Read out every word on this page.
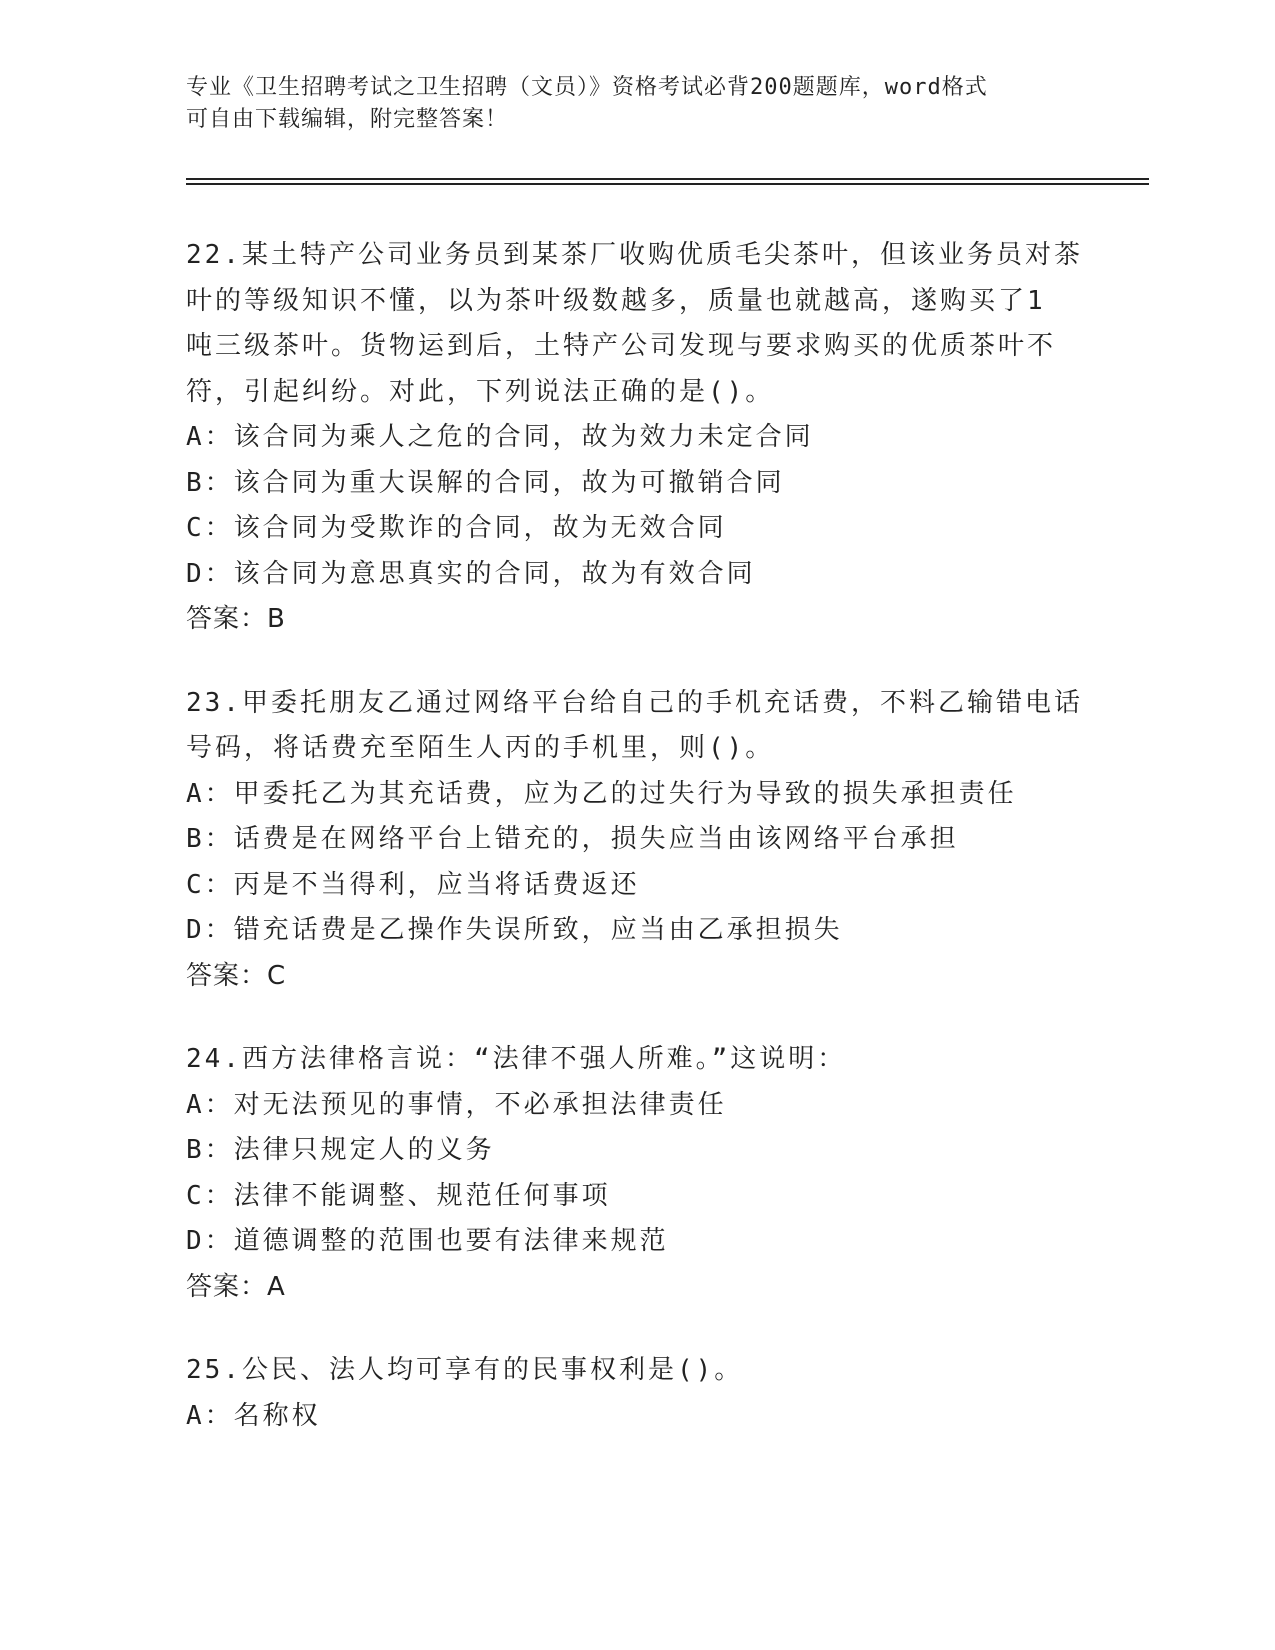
专业《卫生招聘考试之卫生招聘（文员）》资格考试必背200题题库，word格式
可自由下载编辑，附完整答案！
22.某土特产公司业务员到某茶厂收购优质毛尖茶叶，但该业务员对茶
叶的等级知识不懂，以为茶叶级数越多，质量也就越高，遂购买了1
吨三级茶叶。货物运到后，土特产公司发现与要求购买的优质茶叶不
符，引起纠纷。对此，下列说法正确的是()。
A：该合同为乘人之危的合同，故为效力未定合同
B：该合同为重大误解的合同，故为可撤销合同
C：该合同为受欺诈的合同，故为无效合同
D：该合同为意思真实的合同，故为有效合同
答案：B
23.甲委托朋友乙通过网络平台给自己的手机充话费，不料乙输错电话
号码，将话费充至陌生人丙的手机里，则()。
A：甲委托乙为其充话费，应为乙的过失行为导致的损失承担责任
B：话费是在网络平台上错充的，损失应当由该网络平台承担
C：丙是不当得利，应当将话费返还
D：错充话费是乙操作失误所致，应当由乙承担损失
答案：C
24.西方法律格言说：“法律不强人所难。”这说明：
A：对无法预见的事情，不必承担法律责任
B：法律只规定人的义务
C：法律不能调整、规范任何事项
D：道德调整的范围也要有法律来规范
答案：A
25.公民、法人均可享有的民事权利是()。
A：名称权
